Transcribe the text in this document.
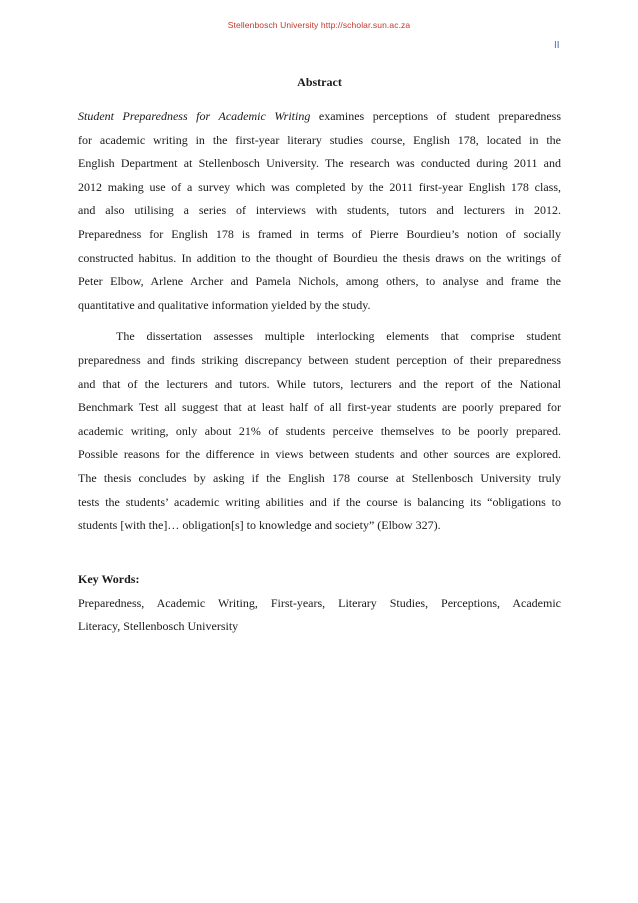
Stellenbosch University http://scholar.sun.ac.za
II
Abstract

Student Preparedness for Academic Writing examines perceptions of student preparedness
for academic writing in the first-year literary studies course, English 178, located in the
English Department at Stellenbosch University. The research was conducted during 2011 and
2012 making use of a survey which was completed by the 2011 first-year English 178 class,
and also utilising a series of interviews with students, tutors and lecturers in 2012.
Preparedness for English 178 is framed in terms of Pierre Bourdieu’s notion of socially
constructed habitus. In addition to the thought of Bourdieu the thesis draws on the writings of
Peter Elbow, Arlene Archer and Pamela Nichols, among others, to analyse and frame the
quantitative and qualitative information yielded by the study.

The dissertation assesses multiple interlocking elements that comprise student
preparedness and finds striking discrepancy between student perception of their preparedness
and that of the lecturers and tutors. While tutors, lecturers and the report of the National
Benchmark Test all suggest that at least half of all first-year students are poorly prepared for
academic writing, only about 21% of students perceive themselves to be poorly prepared.
Possible reasons for the difference in views between students and other sources are explored.
The thesis concludes by asking if the English 178 course at Stellenbosch University truly
tests the students’ academic writing abilities and if the course is balancing its “obligations to
students [with the]… obligation[s] to knowledge and society” (Elbow 327).

Key Words:

Preparedness, Academic Writing, First-years, Literary Studies, Perceptions, Academic
Literacy, Stellenbosch University
